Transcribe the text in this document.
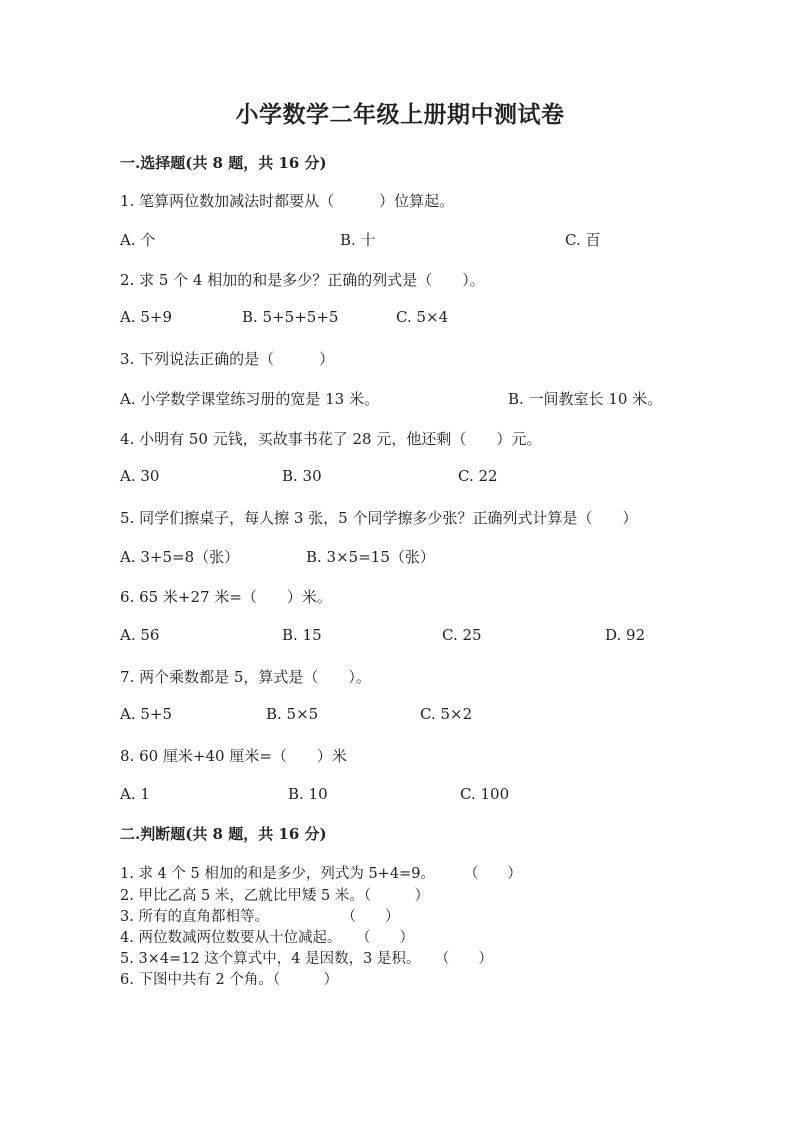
小学数学二年级上册期中测试卷
一.选择题(共 8 题，共 16 分)
1. 笔算两位数加减法时都要从（　　　）位算起。
A. 个	B. 十	C. 百
2. 求 5 个 4 相加的和是多少？正确的列式是（　　）。
A. 5+9	B. 5+5+5+5	C. 5×4
3. 下列说法正确的是（　　　）
A. 小学数学课堂练习册的宽是 13 米。	B. 一间教室长 10 米。
4. 小明有 50 元钱，买故事书花了 28 元，他还剩（　　）元。
A. 30	B. 30	C. 22
5. 同学们擦桌子，每人擦 3 张，5 个同学擦多少张？正确列式计算是（　　）
A. 3+5=8（张）	B. 3×5=15（张）
6. 65 米+27 米=（　　）米。
A. 56	B. 15	C. 25	D. 92
7. 两个乘数都是 5，算式是（　　）。
A. 5+5	B. 5×5	C. 5×2
8. 60 厘米+40 厘米=（　　）米
A. 1	B. 10	C. 100
二.判断题(共 8 题，共 16 分)
1. 求 4 个 5 相加的和是多少，列式为 5+4=9。　　　（　　）
2. 甲比乙高 5 米，乙就比甲矮 5 米。（　　　）
3. 所有的直角都相等。　　　　　　（　　）
4. 两位数减两位数要从十位减起。　　（　　）
5. 3×4=12 这个算式中，4 是因数，3 是积。　　（　　）
6. 下图中共有 2 个角。（　　　）
